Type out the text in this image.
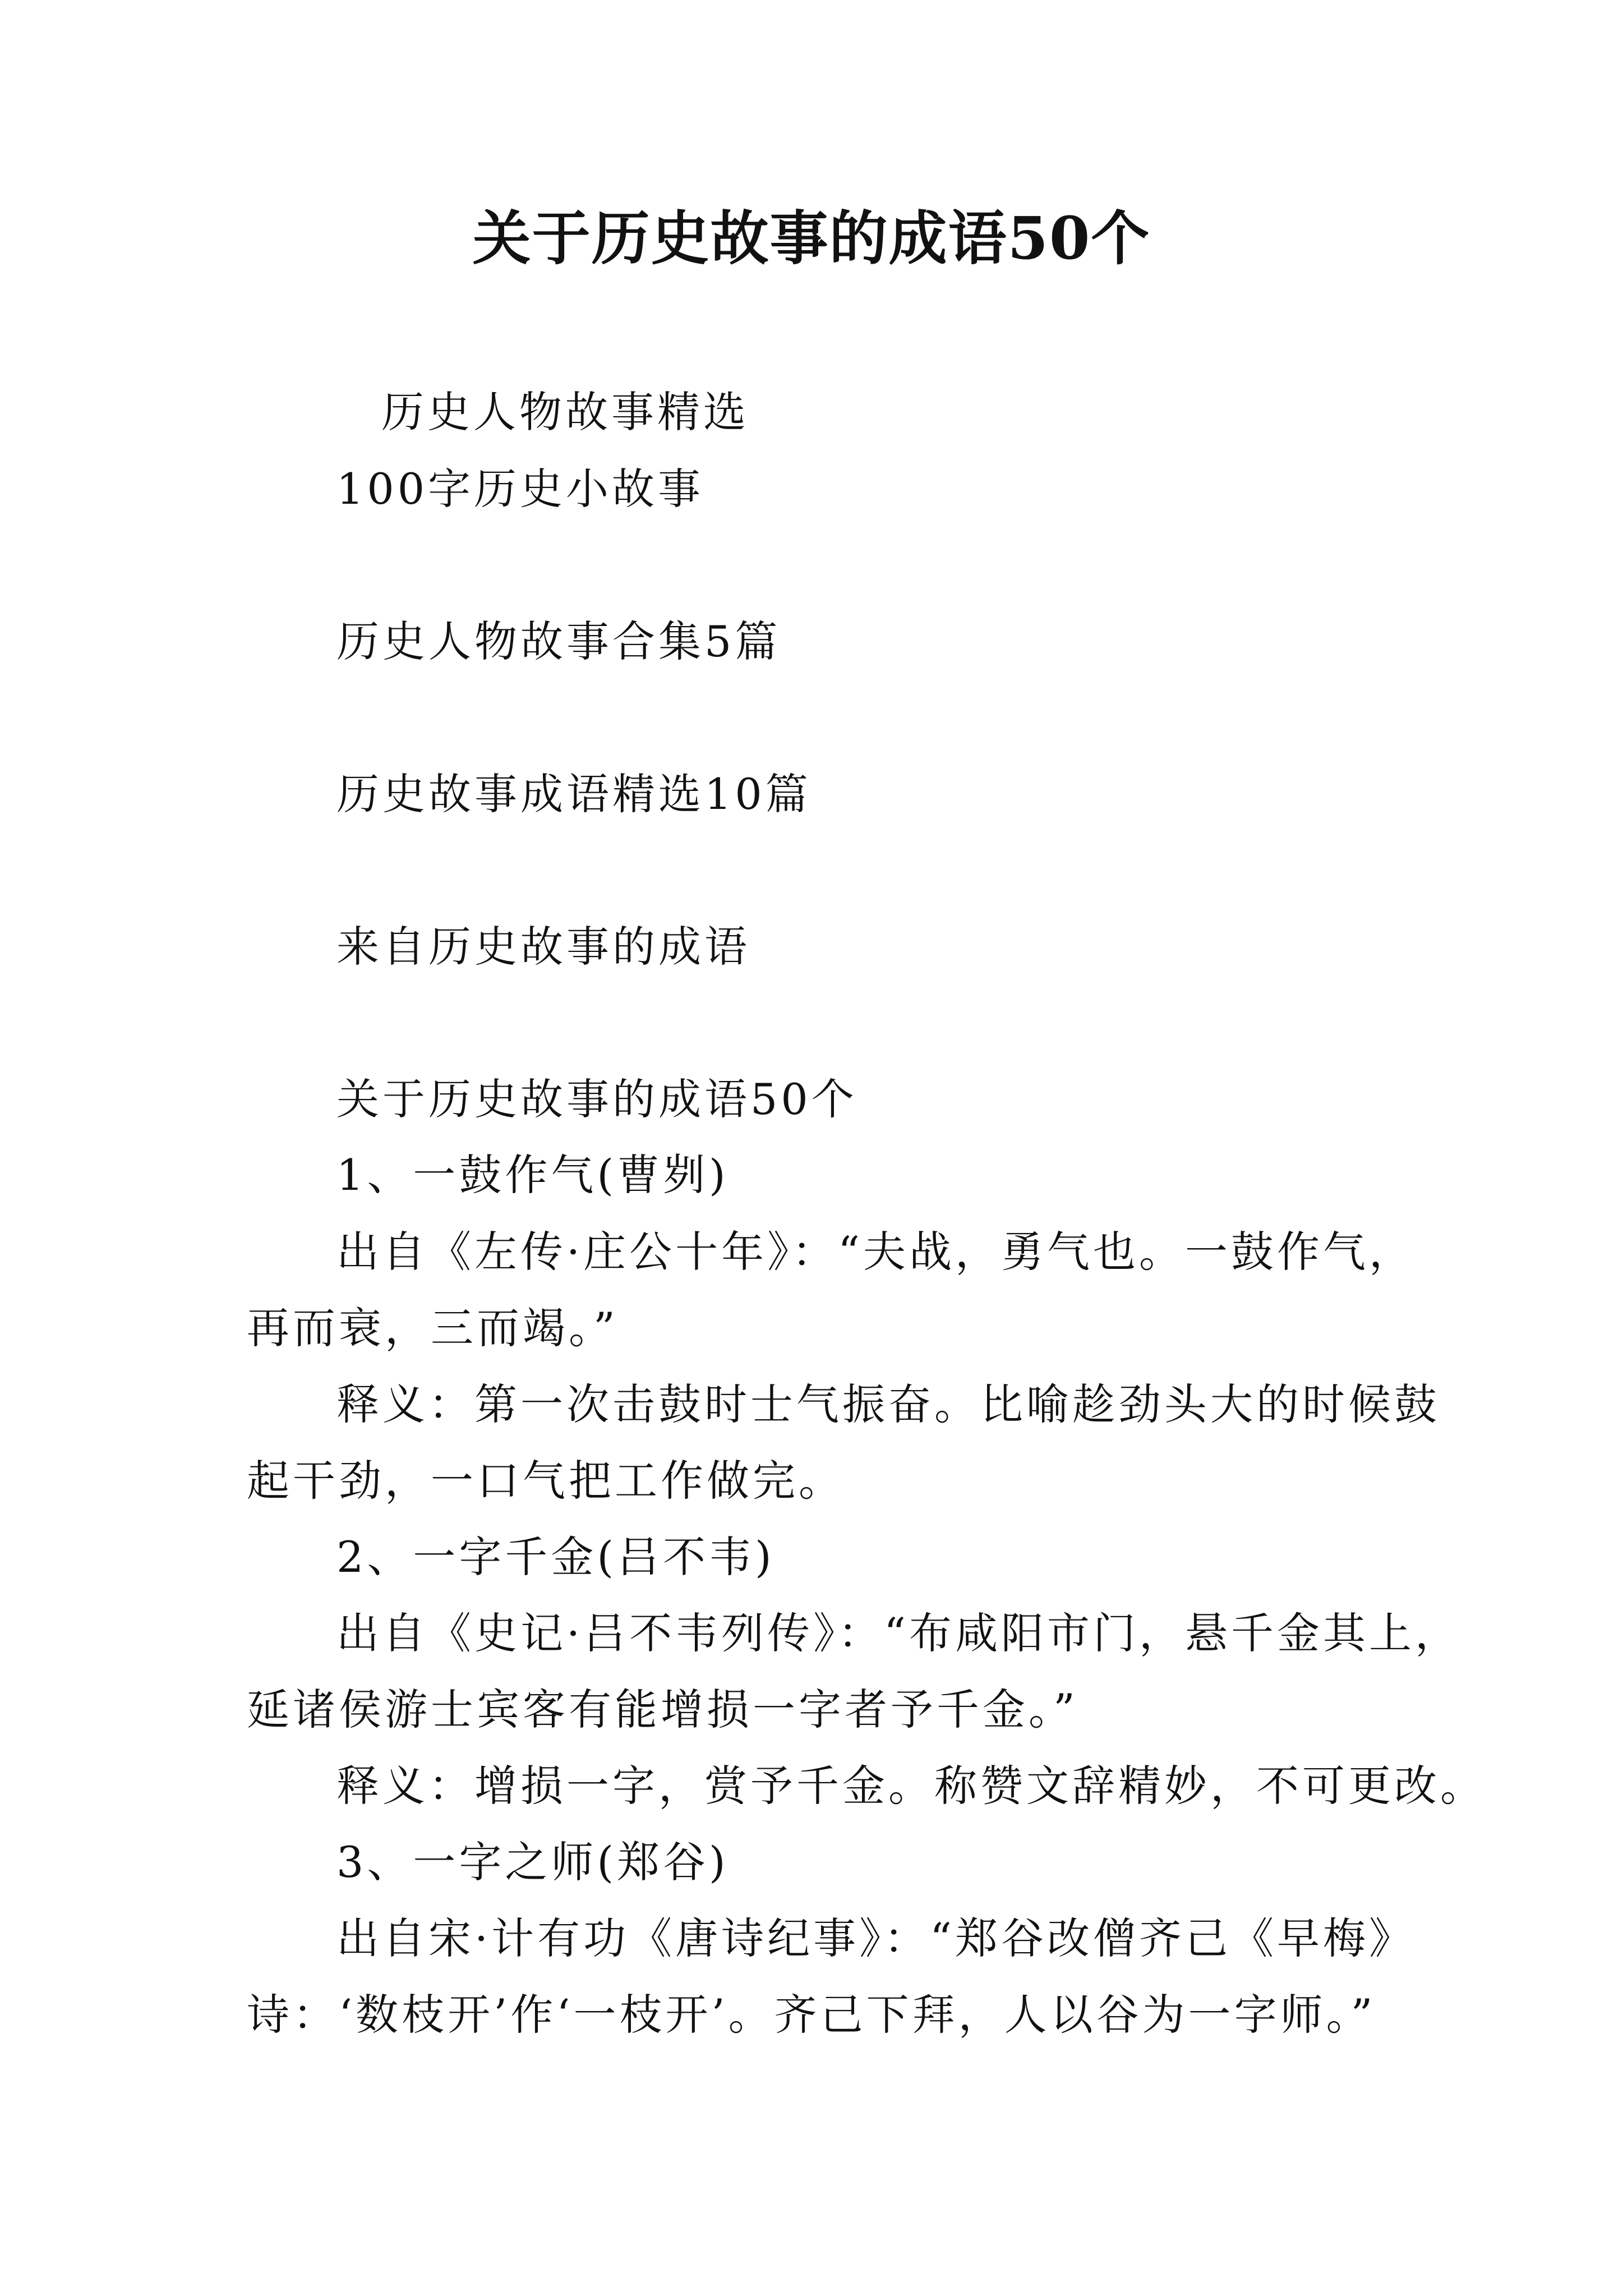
关于历史故事的成语50个
历史人物故事精选
100字历史小故事
历史人物故事合集5篇
历史故事成语精选10篇
来自历史故事的成语
关于历史故事的成语50个
1、一鼓作气(曹刿)
出自《左传·庄公十年》：“夫战，勇气也。一鼓作气，
再而衰，三而竭。”
释义：第一次击鼓时士气振奋。比喻趁劲头大的时候鼓
起干劲，一口气把工作做完。
2、一字千金(吕不韦)
出自《史记·吕不韦列传》：“布咸阳市门，悬千金其上，
延诸侯游士宾客有能增损一字者予千金。”
释义：增损一字，赏予千金。称赞文辞精妙，不可更改。
3、一字之师(郑谷)
出自宋·计有功《唐诗纪事》：“郑谷改僧齐己《早梅》
诗：‘数枝开’作‘一枝开’。齐己下拜，人以谷为一字师。”
